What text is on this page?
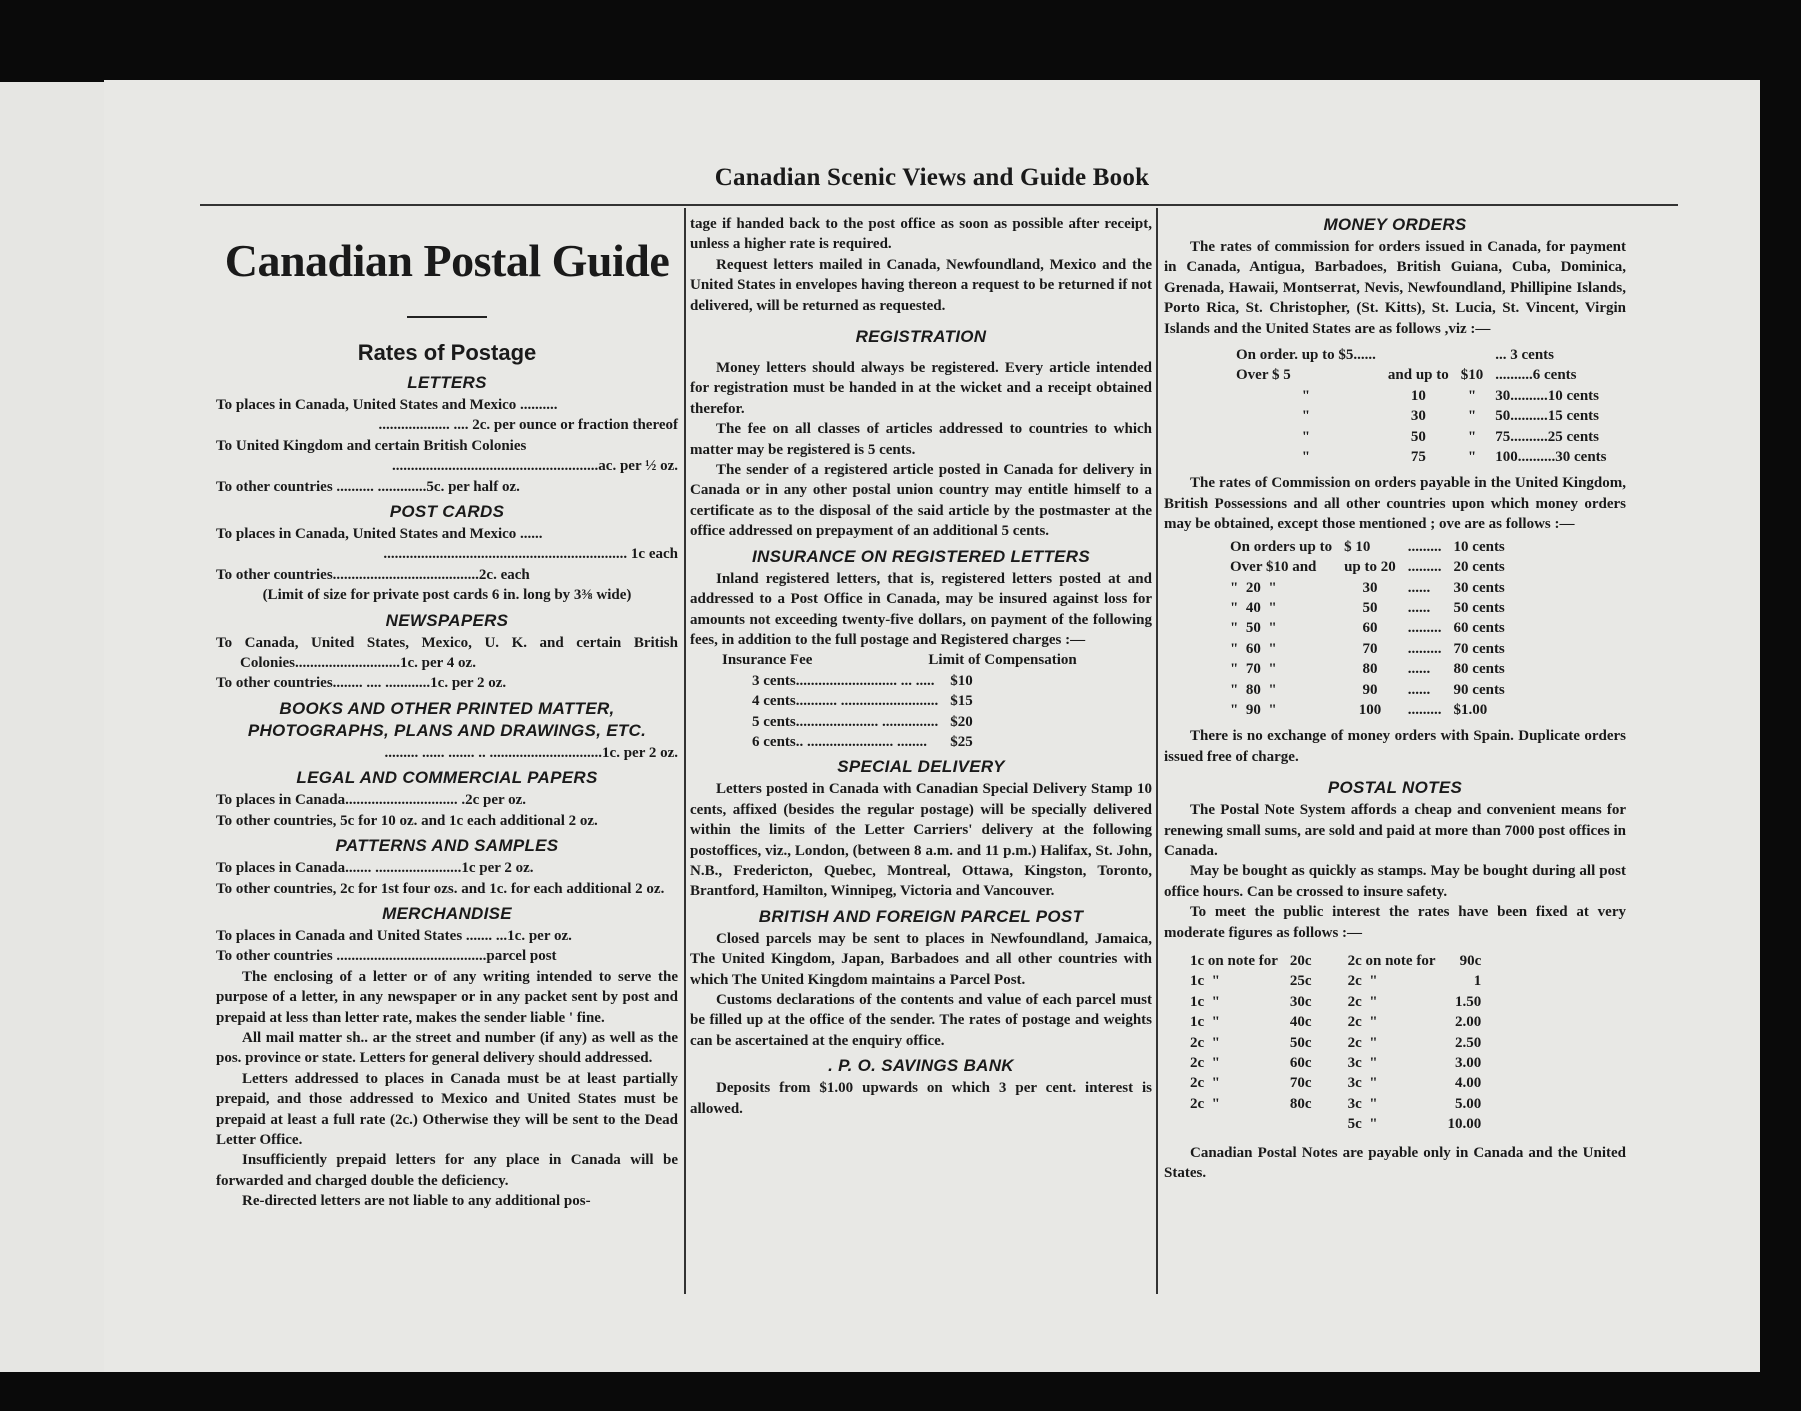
Canadian Scenic Views and Guide Book
Canadian Postal Guide
Rates of Postage
LETTERS

To places in Canada, United States and Mexico ..........

................... .... 2c. per ounce or fraction thereof

To United Kingdom and certain British Colonies

.......................................................ac. per ½ oz.

To other countries .......... .............5c. per half oz.

POST CARDS

To places in Canada, United States and Mexico ......

................................................................. 1c each

To other countries.......................................2c. each

(Limit of size for private post cards 6 in. long by 3⅜ wide)

NEWSPAPERS

To Canada, United States, Mexico, U. K. and certain British Colonies............................1c. per 4 oz.

To other countries........ .... ............1c. per 2 oz.

BOOKS AND OTHER PRINTED MATTER, PHOTOGRAPHS, PLANS AND DRAWINGS, ETC.

......... ...... ....... .. ..............................1c. per 2 oz.

LEGAL AND COMMERCIAL PAPERS

To places in Canada.............................. .2c per oz.

To other countries, 5c for 10 oz. and 1c each additional 2 oz.

PATTERNS AND SAMPLES

To places in Canada....... .......................1c per 2 oz.

To other countries, 2c for 1st four ozs. and 1c. for each additional 2 oz.

MERCHANDISE

To places in Canada and United States ....... ...1c. per oz.

To other countries ........................................parcel post

The enclosing of a letter or of any writing intended to serve the purpose of a letter, in any newspaper or in any packet sent by post and prepaid at less than letter rate, makes the sender liable ' fine.

All mail matter sh.. ar the street and number (if any) as well as the pos. province or state. Letters for general delivery should addressed.

Letters addressed to places in Canada must be at least partially prepaid, and those addressed to Mexico and United States must be prepaid at least a full rate (2c.) Otherwise they will be sent to the Dead Letter Office.

Insufficiently prepaid letters for any place in Canada will be forwarded and charged double the deficiency.

Re-directed letters are not liable to any additional pos-

tage if handed back to the post office as soon as possible after receipt, unless a higher rate is required.

Request letters mailed in Canada, Newfoundland, Mexico and the United States in envelopes having thereon a request to be returned if not delivered, will be returned as requested.

REGISTRATION

Money letters should always be registered. Every article intended for registration must be handed in at the wicket and a receipt obtained therefor.

The fee on all classes of articles addressed to countries to which matter may be registered is 5 cents.

The sender of a registered article posted in Canada for delivery in Canada or in any other postal union country may entitle himself to a certificate as to the disposal of the said article by the postmaster at the office addressed on prepayment of an additional 5 cents.

INSURANCE ON REGISTERED LETTERS

Inland registered letters, that is, registered letters posted at and addressed to a Post Office in Canada, may be insured against loss for amounts not exceeding twenty-five dollars, on payment of the following fees, in addition to the full postage and Registered charges :—

Insurance Fee	Limit of Compensation
3 cents........................... ... .....	$10
4 cents........... ..........................	$15
5 cents...................... ...............	$20
6 cents.. ....................... ........	$25
SPECIAL DELIVERY

Letters posted in Canada with Canadian Special Delivery Stamp 10 cents, affixed (besides the regular postage) will be specially delivered within the limits of the Letter Carriers' delivery at the following postoffices, viz., London, (between 8 a.m. and 11 p.m.) Halifax, St. John, N.B., Fredericton, Quebec, Montreal, Ottawa, Kingston, Toronto, Brantford, Hamilton, Winnipeg, Victoria and Vancouver.

BRITISH AND FOREIGN PARCEL POST

Closed parcels may be sent to places in Newfoundland, Jamaica, The United Kingdom, Japan, Barbadoes and all other countries with which The United Kingdom maintains a Parcel Post.

Customs declarations of the contents and value of each parcel must be filled up at the office of the sender. The rates of postage and weights can be ascertained at the enquiry office.

. P. O. SAVINGS BANK

Deposits from $1.00 upwards on which 3 per cent. interest is allowed.

MONEY ORDERS

The rates of commission for orders issued in Canada, for payment in Canada, Antigua, Barbadoes, British Guiana, Cuba, Dominica, Grenada, Hawaii, Montserrat, Nevis, Newfoundland, Phillipine Islands, Porto Rica, St. Christopher, (St. Kitts), St. Lucia, St. Vincent, Virgin Islands and the United States are as follows ,viz :—

On order. up to $5......			... 3 cents
Over $ 5	and up to	$10	..........6 cents
"	10	"	30..........10 cents
"	30	"	50..........15 cents
"	50	"	75..........25 cents
"	75	"	100..........30 cents

The rates of Commission on orders payable in the United Kingdom, British Possessions and all other countries upon which money orders may be obtained, except those mentioned ; ove are as follows :—

On orders up to	$ 10	.........	10 cents
Over $10 and	up to 20	.........	20 cents
"  20  "	30	......	30 cents
"  40  "	50	......	50 cents
"  50  "	60	.........	60 cents
"  60  "	70	.........	70 cents
"  70  "	80	......	80 cents
"  80  "	90	......	90 cents
"  90  "	100	.........	$1.00

There is no exchange of money orders with Spain. Duplicate orders issued free of charge.

POSTAL NOTES

The Postal Note System affords a cheap and convenient means for renewing small sums, are sold and paid at more than 7000 post offices in Canada.

May be bought as quickly as stamps. May be bought during all post office hours. Can be crossed to insure safety.

To meet the public interest the rates have been fixed at very moderate figures as follows :—

1c on note for	20c	2c on note for	90c
1c  "	25c	2c  "	1
1c  "	30c	2c  "	1.50
1c  "	40c	2c  "	2.00
2c  "	50c	2c  "	2.50
2c  "	60c	3c  "	3.00
2c  "	70c	3c  "	4.00
2c  "	80c	3c  "	5.00
		5c  "	10.00

Canadian Postal Notes are payable only in Canada and the United States.
